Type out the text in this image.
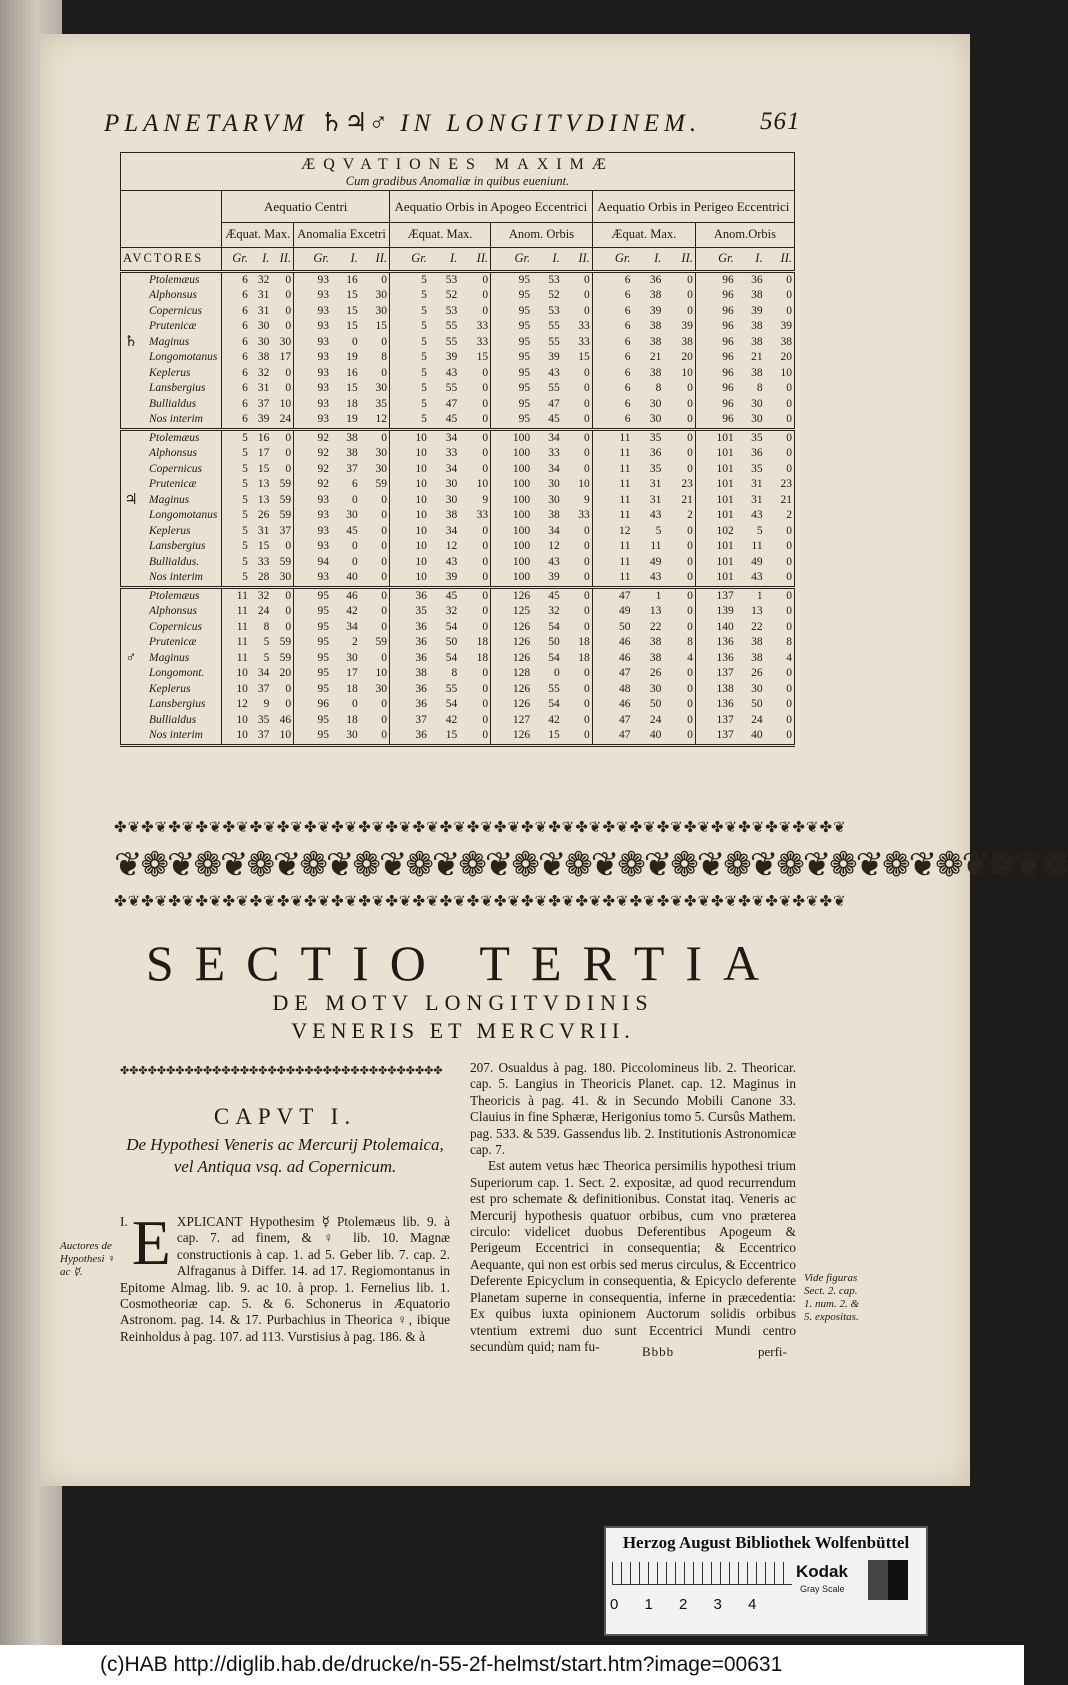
PLANETARVM ♄♃♂ IN LONGITVDINEM. 561
ÆQVATIONES MAXIMÆ																			
Cum gradibus Anomaliæ in quibus eueniunt.																			
		Aequatio Centri						Aequatio Orbis in Apogeo Eccentrici						Aequatio Orbis in Perigeo Eccentrici					
		Æquat. Max.			Anomalia Excetri			Æquat. Max.			Anom. Orbis			Æquat. Max.			Anom.Orbis		
AVCTORES		Gr.	I.	II.	Gr.	I.	II.	Gr.	I.	II.	Gr.	I.	II.	Gr.	I.	II.	Gr.	I.	II.
	Ptolemæus	6	32	0	93	16	0	5	53	0	95	53	0	6	36	0	96	36	0
	Alphonsus	6	31	0	93	15	30	5	52	0	95	52	0	6	38	0	96	38	0
	Copernicus	6	31	0	93	15	30	5	53	0	95	53	0	6	39	0	96	39	0
	Prutenicæ	6	30	0	93	15	15	5	55	33	95	55	33	6	38	39	96	38	39
♄	Maginus	6	30	30	93	0	0	5	55	33	95	55	33	6	38	38	96	38	38
	Longomotanus	6	38	17	93	19	8	5	39	15	95	39	15	6	21	20	96	21	20
	Keplerus	6	32	0	93	16	0	5	43	0	95	43	0	6	38	10	96	38	10
	Lansbergius	6	31	0	93	15	30	5	55	0	95	55	0	6	8	0	96	8	0
	Bullialdus	6	37	10	93	18	35	5	47	0	95	47	0	6	30	0	96	30	0
	Nos interim	6	39	24	93	19	12	5	45	0	95	45	0	6	30	0	96	30	0
	Ptolemæus	5	16	0	92	38	0	10	34	0	100	34	0	11	35	0	101	35	0
	Alphonsus	5	17	0	92	38	30	10	33	0	100	33	0	11	36	0	101	36	0
	Copernicus	5	15	0	92	37	30	10	34	0	100	34	0	11	35	0	101	35	0
	Prutenicæ	5	13	59	92	6	59	10	30	10	100	30	10	11	31	23	101	31	23
♃	Maginus	5	13	59	93	0	0	10	30	9	100	30	9	11	31	21	101	31	21
	Longomotanus	5	26	59	93	30	0	10	38	33	100	38	33	11	43	2	101	43	2
	Keplerus	5	31	37	93	45	0	10	34	0	100	34	0	12	5	0	102	5	0
	Lansbergius	5	15	0	93	0	0	10	12	0	100	12	0	11	11	0	101	11	0
	Bullialdus.	5	33	59	94	0	0	10	43	0	100	43	0	11	49	0	101	49	0
	Nos interim	5	28	30	93	40	0	10	39	0	100	39	0	11	43	0	101	43	0
	Ptolemæus	11	32	0	95	46	0	36	45	0	126	45	0	47	1	0	137	1	0
	Alphonsus	11	24	0	95	42	0	35	32	0	125	32	0	49	13	0	139	13	0
	Copernicus	11	8	0	95	34	0	36	54	0	126	54	0	50	22	0	140	22	0
	Prutenicæ	11	5	59	95	2	59	36	50	18	126	50	18	46	38	8	136	38	8
♂	Maginus	11	5	59	95	30	0	36	54	18	126	54	18	46	38	4	136	38	4
	Longomont.	10	34	20	95	17	10	38	8	0	128	0	0	47	26	0	137	26	0
	Keplerus	10	37	0	95	18	30	36	55	0	126	55	0	48	30	0	138	30	0
	Lansbergius	12	9	0	96	0	0	36	54	0	126	54	0	46	50	0	136	50	0
	Bullialdus	10	35	46	95	18	0	37	42	0	127	42	0	47	24	0	137	24	0
	Nos interim	10	37	10	95	30	0	36	15	0	126	15	0	47	40	0	137	40	0
✤❦✤❦✤❦✤❦✤❦✤❦✤❦✤❦✤❦✤❦✤❦✤❦✤❦✤❦✤❦✤❦✤❦✤❦✤❦✤❦✤❦✤❦✤❦✤❦✤❦✤❦✤❦
❦❁❦❁❦❁❦❁❦❁❦❁❦❁❦❁❦❁❦❁❦❁❦❁❦❁❦❁❦❁❦❁❦❁❦❁
✤❦✤❦✤❦✤❦✤❦✤❦✤❦✤❦✤❦✤❦✤❦✤❦✤❦✤❦✤❦✤❦✤❦✤❦✤❦✤❦✤❦✤❦✤❦✤❦✤❦✤❦✤❦
SECTIO TERTIA
DE MOTV LONGITVDINIS
VENERIS ET MERCVRII.
✤✤✤✤✤✤✤✤✤✤✤✤✤✤✤✤✤✤✤✤✤✤✤✤✤✤✤✤✤✤✤✤✤✤✤
CAPVT I.
De Hypothesi Veneris ac Mercurij Ptolemaica, vel Antiqua vsq. ad Copernicum.
Auctores de Hypothesi ♀ ac ☿.
I. E XPLICANT Hypothesim ☿ Ptolemæus lib. 9. à cap. 7. ad finem, & ♀ lib. 10. Magnæ constructionis à cap. 1. ad 5. Geber lib. 7. cap. 2. Alfraganus à Differ. 14. ad 17. Regiomontanus in Epitome Almag. lib. 9. ac 10. à prop. 1. Fernelius lib. 1. Cosmotheoriæ cap. 5. & 6. Schonerus in Æquatorio Astronom. pag. 14. & 17. Purbachius in Theorica ♀, ibique Reinholdus à pag. 107. ad 113. Vurstisius à pag. 186. & à
207. Osualdus à pag. 180. Piccolomineus lib. 2. Theoricar. cap. 5. Langius in Theoricis Planet. cap. 12. Maginus in Theoricis à pag. 41. & in Secundo Mobili Canone 33. Clauius in fine Sphæræ, Herigonius tomo 5. Cursûs Mathem. pag. 533. & 539. Gassendus lib. 2. Institutionis Astronomicæ cap. 7.
Est autem vetus hæc Theorica persimilis hypothesi trium Superiorum cap. 1. Sect. 2. expositæ, ad quod recurrendum est pro schemate & definitionibus. Constat itaq. Veneris ac Mercurij hypothesis quatuor orbibus, cum vno præterea circulo: videlicet duobus Deferentibus Apogeum & Perigeum Eccentrici in consequentia; & Eccentrico Aequante, qui non est orbis sed merus circulus, & Eccentrico Deferente Epicyclum in consequentia, & Epicyclo deferente Planetam superne in consequentia, inferne in præcedentia: Ex quibus iuxta opinionem Auctorum solidis orbibus vtentium extremi duo sunt Eccentrici Mundi centro secundùm quid; nam fu-
Vide figuras Sect. 2. cap. 1. num. 2. & 5. expositas.
Bbbb	perfi-
Herzog August Bibliothek Wolfenbüttel
0 1 2 3 4
Kodak
Gray Scale
(c)HAB http://diglib.hab.de/drucke/n-55-2f-helmst/start.htm?image=00631
